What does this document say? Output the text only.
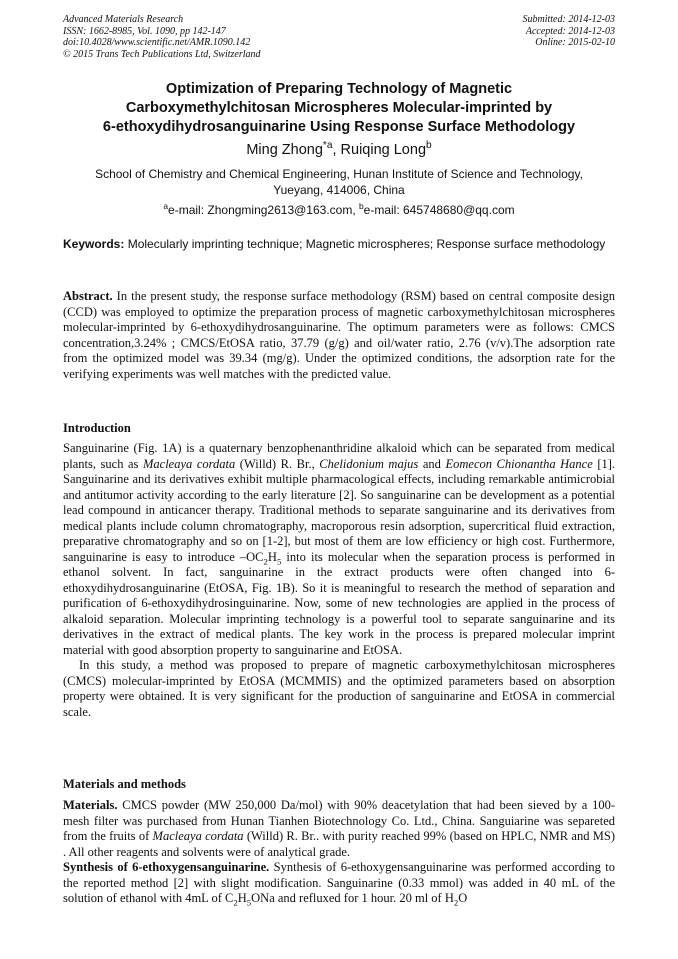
Advanced Materials Research
ISSN: 1662-8985, Vol. 1090, pp 142-147
doi:10.4028/www.scientific.net/AMR.1090.142
© 2015 Trans Tech Publications Ltd, Switzerland
Submitted: 2014-12-03
Accepted: 2014-12-03
Online: 2015-02-10
Optimization of Preparing Technology of Magnetic
Carboxymethylchitosan Microspheres Molecular-imprinted by
6-ethoxydihydrosanguinarine Using Response Surface Methodology
Ming Zhong$^{*a}$, Ruiqing Long$^b$
School of Chemistry and Chemical Engineering, Hunan Institute of Science and Technology,
Yueyang, 414006, China
$^a$e-mail: Zhongming2613@163.com, $^b$e-mail: 645748680@qq.com
Keywords: Molecularly imprinting technique; Magnetic microspheres; Response surface methodology
Abstract. In the present study, the response surface methodology (RSM) based on central composite design (CCD) was employed to optimize the preparation process of magnetic carboxymethylchitosan microspheres molecular-imprinted by 6-ethoxydihydrosanguinarine. The optimum parameters were as follows: CMCS concentration,3.24% ; CMCS/EtOSA ratio, 37.79 (g/g) and oil/water ratio, 2.76 (v/v).The adsorption rate from the optimized model was 39.34 (mg/g). Under the optimized conditions, the adsorption rate for the verifying experiments was well matches with the predicted value.
Introduction

Sanguinarine (Fig. 1A) is a quaternary benzophenanthridine alkaloid which can be separated from medical plants, such as Macleaya cordata (Willd) R. Br., Chelidonium majus and Eomecon Chionantha Hance [1]. Sanguinarine and its derivatives exhibit multiple pharmacological effects, including remarkable antimicrobial and antitumor activity according to the early literature [2]. So sanguinarine can be development as a potential lead compound in anticancer therapy. Traditional methods to separate sanguinarine and its derivatives from medical plants include column chromatography, macroporous resin adsorption, supercritical fluid extraction, preparative chromatography and so on [1-2], but most of them are low efficiency or high cost. Furthermore, sanguinarine is easy to introduce $-OC_2H_5$ into its molecular when the separation process is performed in ethanol solvent. In fact, sanguinarine in the extract products were often changed into 6-ethoxydihydrosanguinarine (EtOSA, Fig. 1B). So it is meaningful to research the method of separation and purification of 6-ethoxydihydrosinguinarine. Now, some of new technologies are applied in the process of alkaloid separation. Molecular imprinting technology is a powerful tool to separate sanguinarine and its derivatives in the extract of medical plants. The key work in the process is prepared molecular imprint material with good absorption property to sanguinarine and EtOSA.

In this study, a method was proposed to prepare of magnetic carboxymethylchitosan microspheres (CMCS) molecular-imprinted by EtOSA (MCMMIS) and the optimized parameters based on absorption property were obtained. It is very significant for the production of sanguinarine and EtOSA in commercial scale.

Materials and methods

Materials. CMCS powder (MW 250,000 Da/mol) with 90% deacetylation that had been sieved by a 100-mesh filter was purchased from Hunan Tianhen Biotechnology Co. Ltd., China. Sanguiarine was separeted from the fruits of Macleaya cordata (Willd) R. Br.. with purity reached 99% (based on HPLC, NMR and MS) . All other reagents and solvents were of analytical grade.

Synthesis of 6-ethoxygensanguinarine. Synthesis of 6-ethoxygensanguinarine was performed according to the reported method [2] with slight modification. Sanguinarine (0.33 mmol) was added in 40 mL of the solution of ethanol with 4mL of $C_2H_5ONa$ and refluxed for 1 hour. 20 ml of $H_2O$
